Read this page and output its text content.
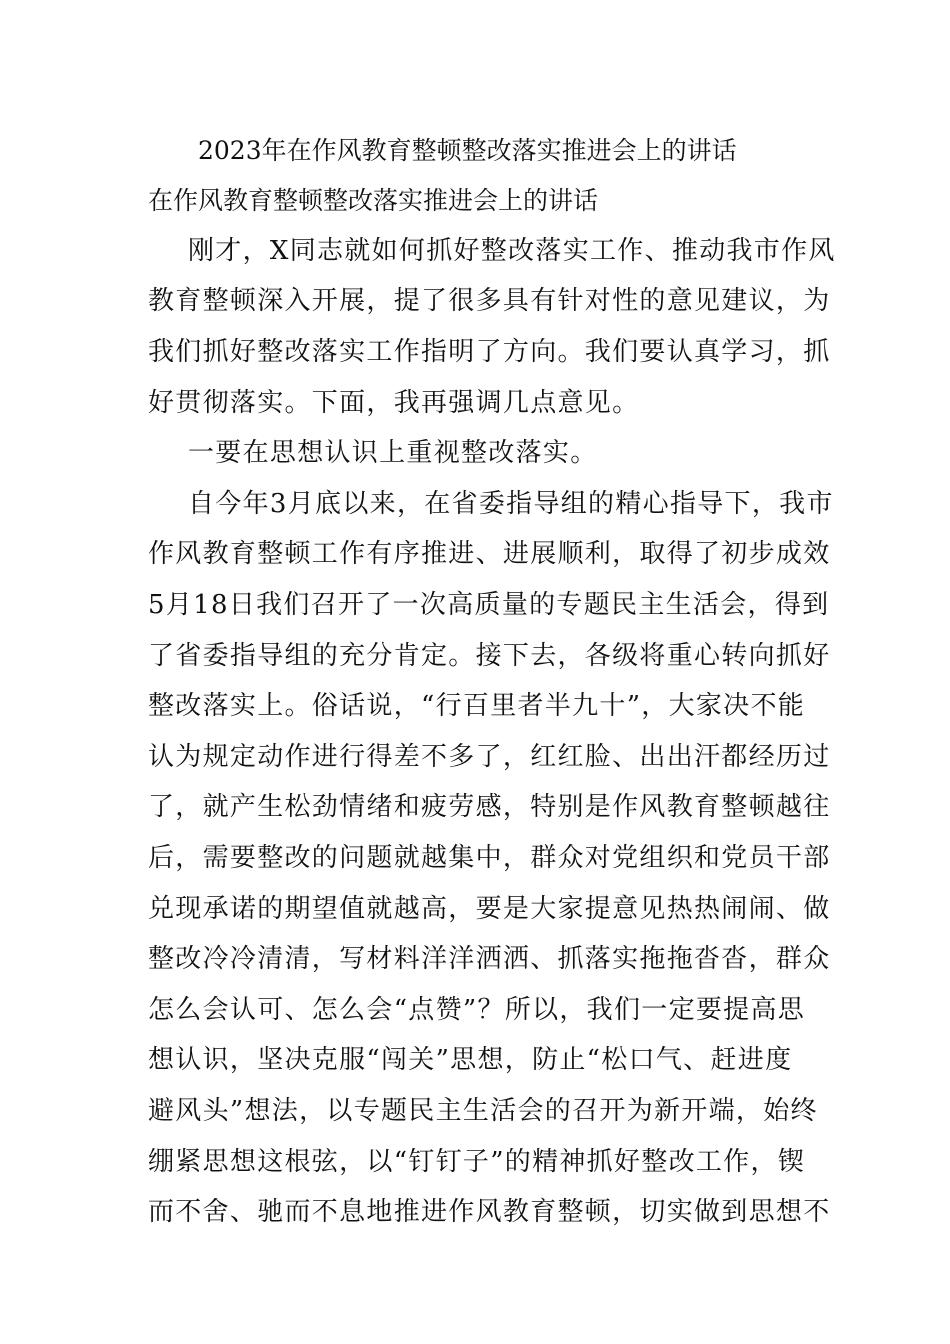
2023年在作风教育整顿整改落实推进会上的讲话
在作风教育整顿整改落实推进会上的讲话

刚才，X同志就如何抓好整改落实工作、推动我市作风

教育整顿深入开展，提了很多具有针对性的意见建议，为

我们抓好整改落实工作指明了方向。我们要认真学习，抓

好贯彻落实。下面，我再强调几点意见。

一要在思想认识上重视整改落实。

自今年3月底以来，在省委指导组的精心指导下，我市

作风教育整顿工作有序推进、进展顺利，取得了初步成效

5月18日我们召开了一次高质量的专题民主生活会，得到

了省委指导组的充分肯定。接下去，各级将重心转向抓好

整改落实上。俗话说，“行百里者半九十”，大家决不能

认为规定动作进行得差不多了，红红脸、出出汗都经历过

了，就产生松劲情绪和疲劳感，特别是作风教育整顿越往

后，需要整改的问题就越集中，群众对党组织和党员干部

兑现承诺的期望值就越高，要是大家提意见热热闹闹、做

整改冷冷清清，写材料洋洋洒洒、抓落实拖拖沓沓，群众

怎么会认可、怎么会“点赞”？所以，我们一定要提高思

想认识，坚决克服“闯关”思想，防止“松口气、赶进度

避风头”想法，以专题民主生活会的召开为新开端，始终

绷紧思想这根弦，以“钉钉子”的精神抓好整改工作，锲

而不舍、驰而不息地推进作风教育整顿，切实做到思想不
